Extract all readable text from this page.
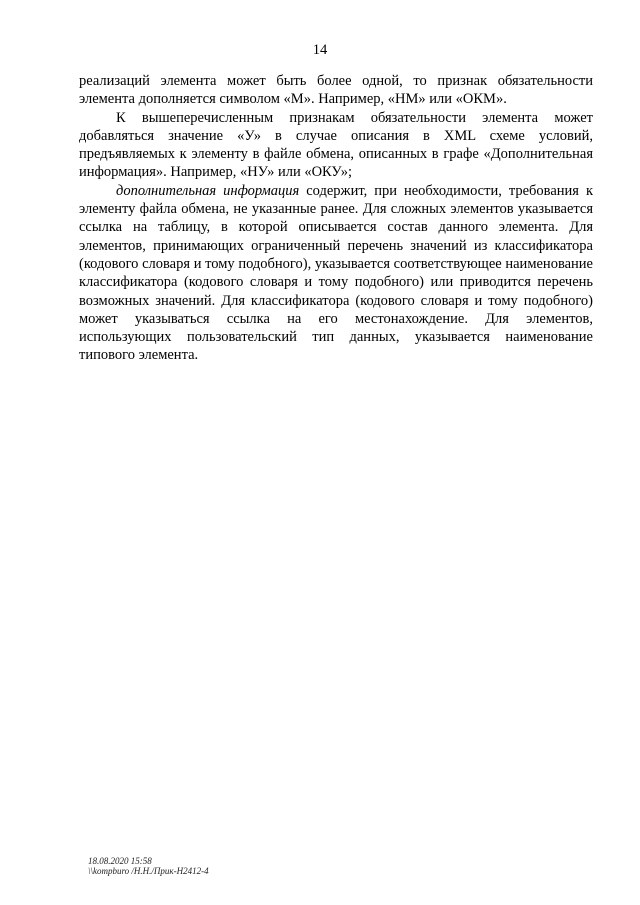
14

реализаций элемента может быть более одной, то признак обязательности элемента дополняется символом «М». Например, «НМ» или «ОКМ».

К вышеперечисленным признакам обязательности элемента может добавляться значение «У» в случае описания в XML схеме условий, предъявляемых к элементу в файле обмена, описанных в графе «Дополнительная информация». Например, «НУ» или «ОКУ»;

дополнительная информация содержит, при необходимости, требования к элементу файла обмена, не указанные ранее. Для сложных элементов указывается ссылка на таблицу, в которой описывается состав данного элемента. Для элементов, принимающих ограниченный перечень значений из классификатора (кодового словаря и тому подобного), указывается соответствующее наименование классификатора (кодового словаря и тому подобного) или приводится перечень возможных значений. Для классификатора (кодового словаря и тому подобного) может указываться ссылка на его местонахождение. Для элементов, использующих пользовательский тип данных, указывается наименование типового элемента.

18.08.2020 15:58
\\kompburo /Н.Н./Прик-Н2412-4
